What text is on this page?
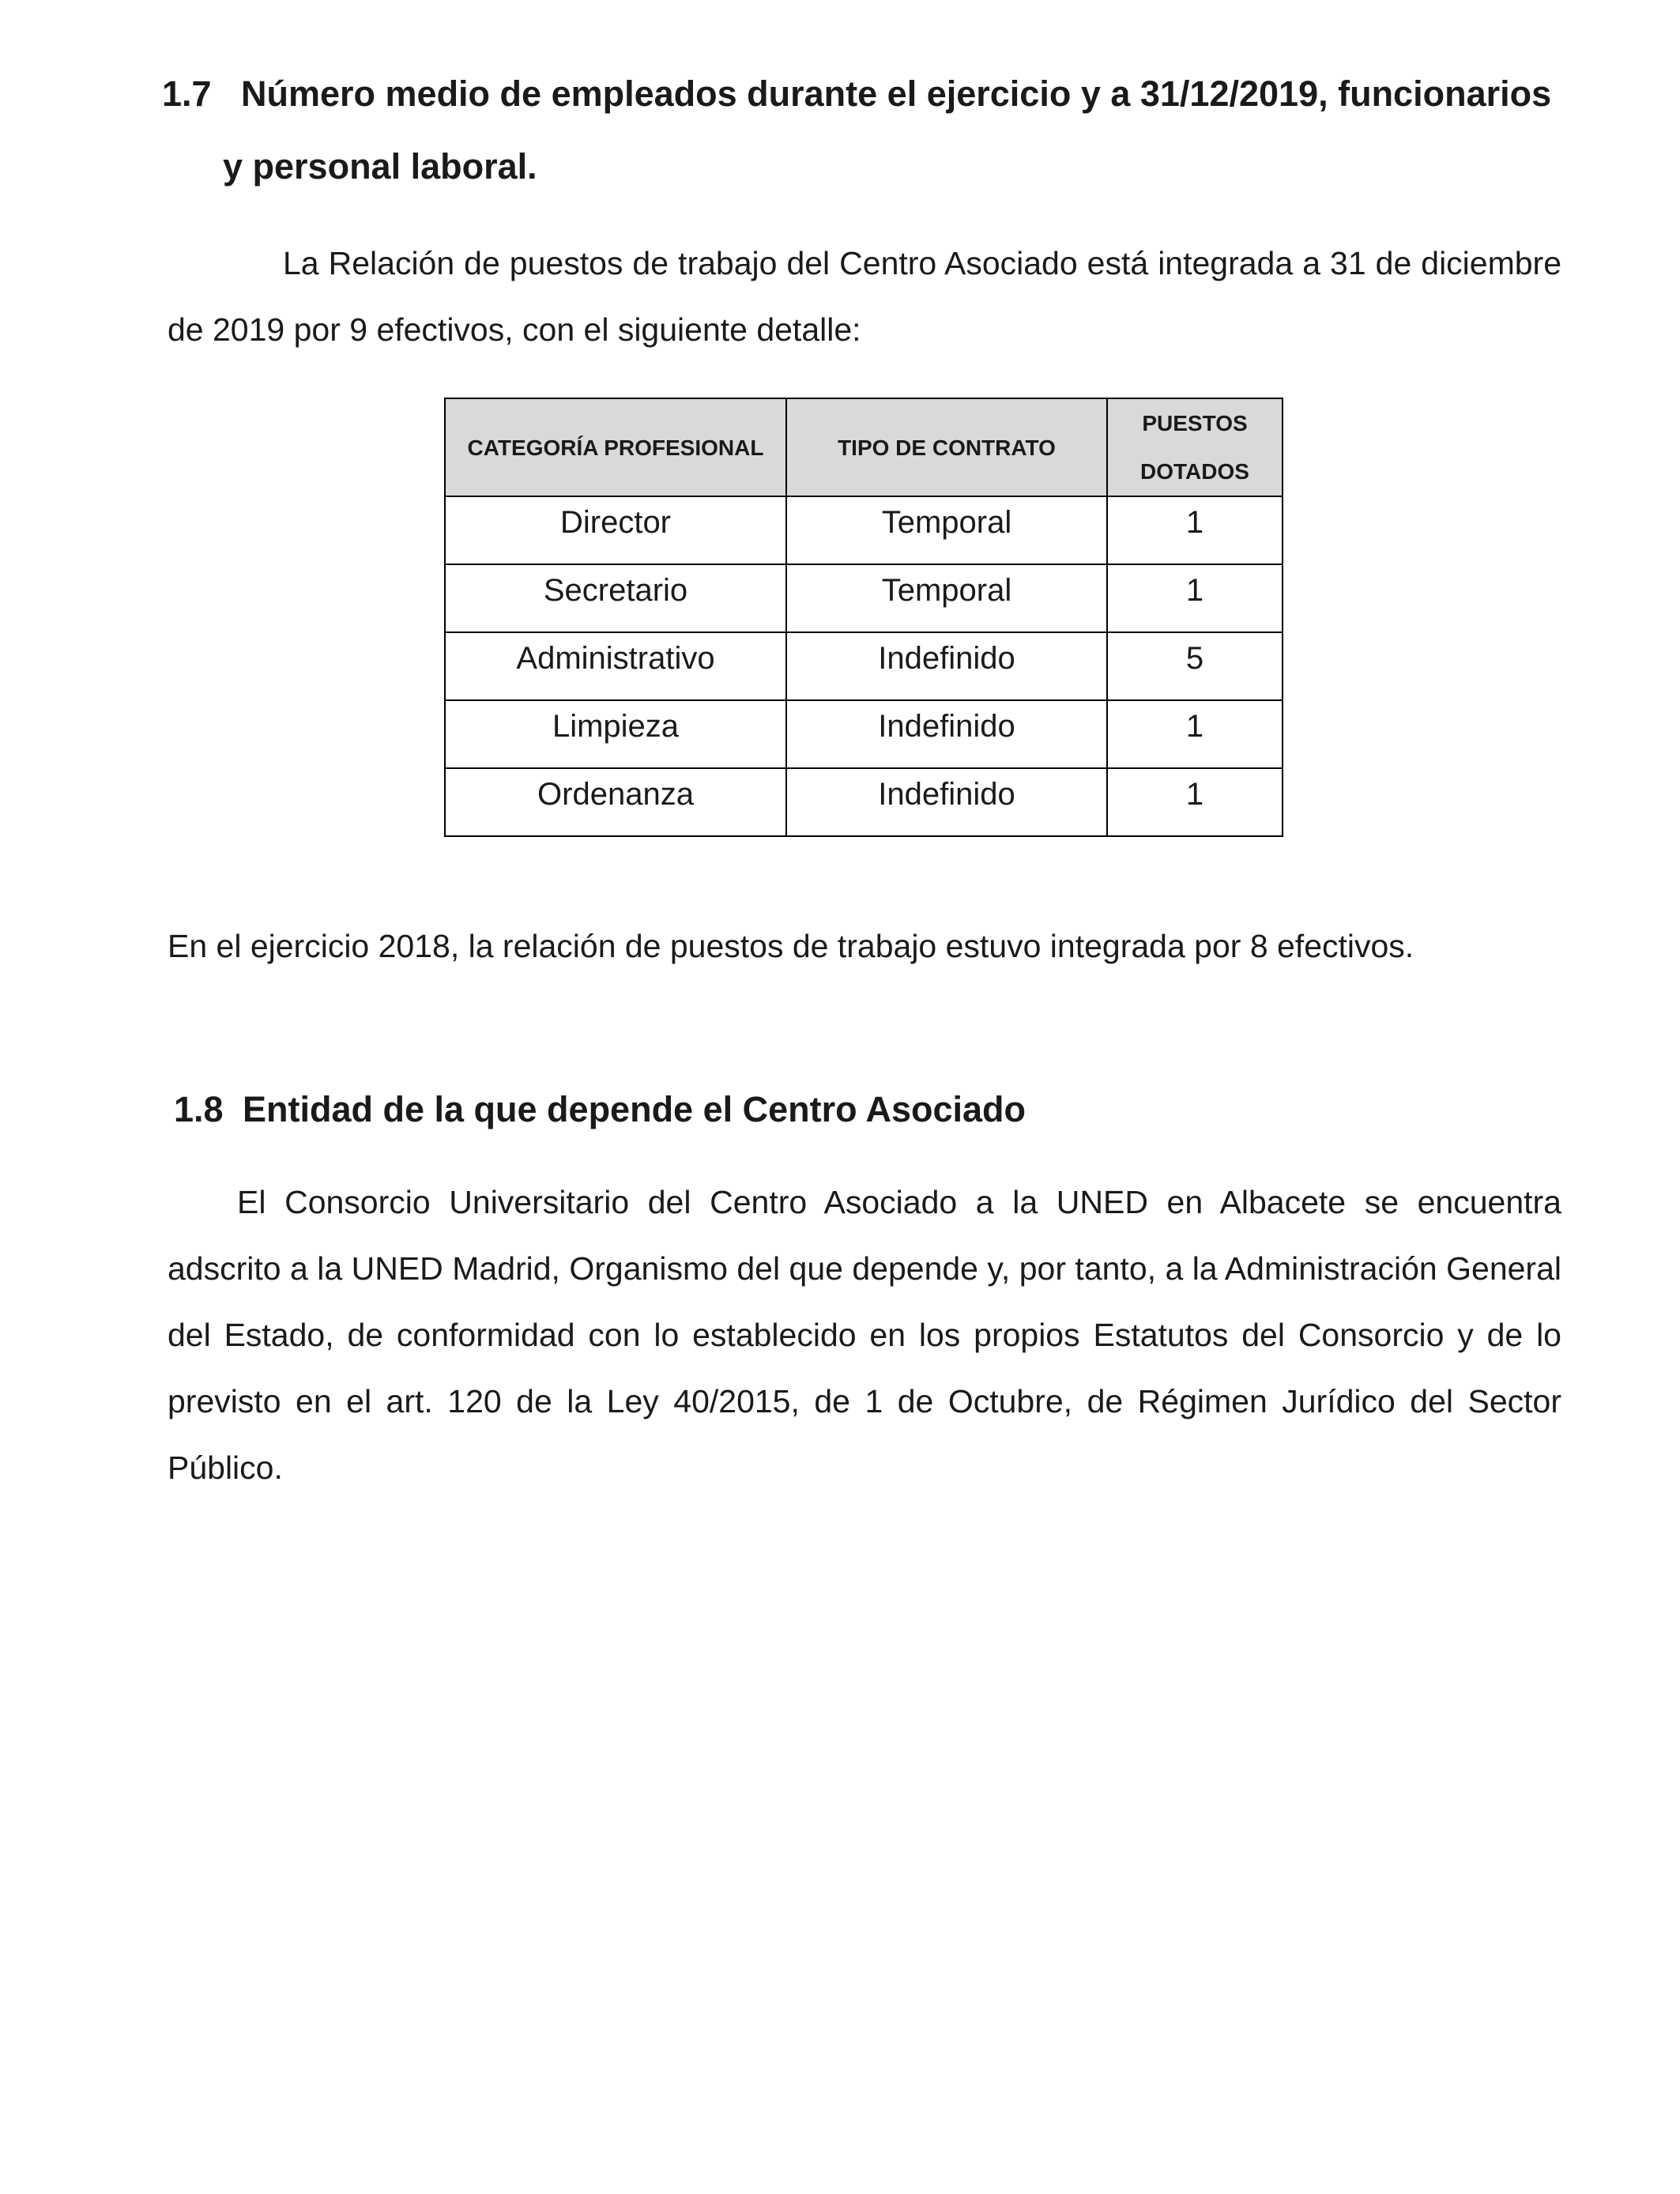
1.7 Número medio de empleados durante el ejercicio y a 31/12/2019, funcionarios
y personal laboral.

La Relación de puestos de trabajo del Centro Asociado está integrada a 31 de diciembre de 2019 por 9 efectivos, con el siguiente detalle:

CATEGORÍA PROFESIONAL	TIPO DE CONTRATO	PUESTOS
DOTADOS

Director	Temporal	1
Secretario	Temporal	1
Administrativo	Indefinido	5
Limpieza	Indefinido	1
Ordenanza	Indefinido	1

En el ejercicio 2018, la relación de puestos de trabajo estuvo integrada por 8 efectivos.

1.8 Entidad de la que depende el Centro Asociado

El Consorcio Universitario del Centro Asociado a la UNED en Albacete se encuentra adscrito a la UNED Madrid, Organismo del que depende y, por tanto, a la Administración General del Estado, de conformidad con lo establecido en los propios Estatutos del Consorcio y de lo previsto en el art. 120 de la Ley 40/2015, de 1 de Octubre, de Régimen Jurídico del Sector Público.
